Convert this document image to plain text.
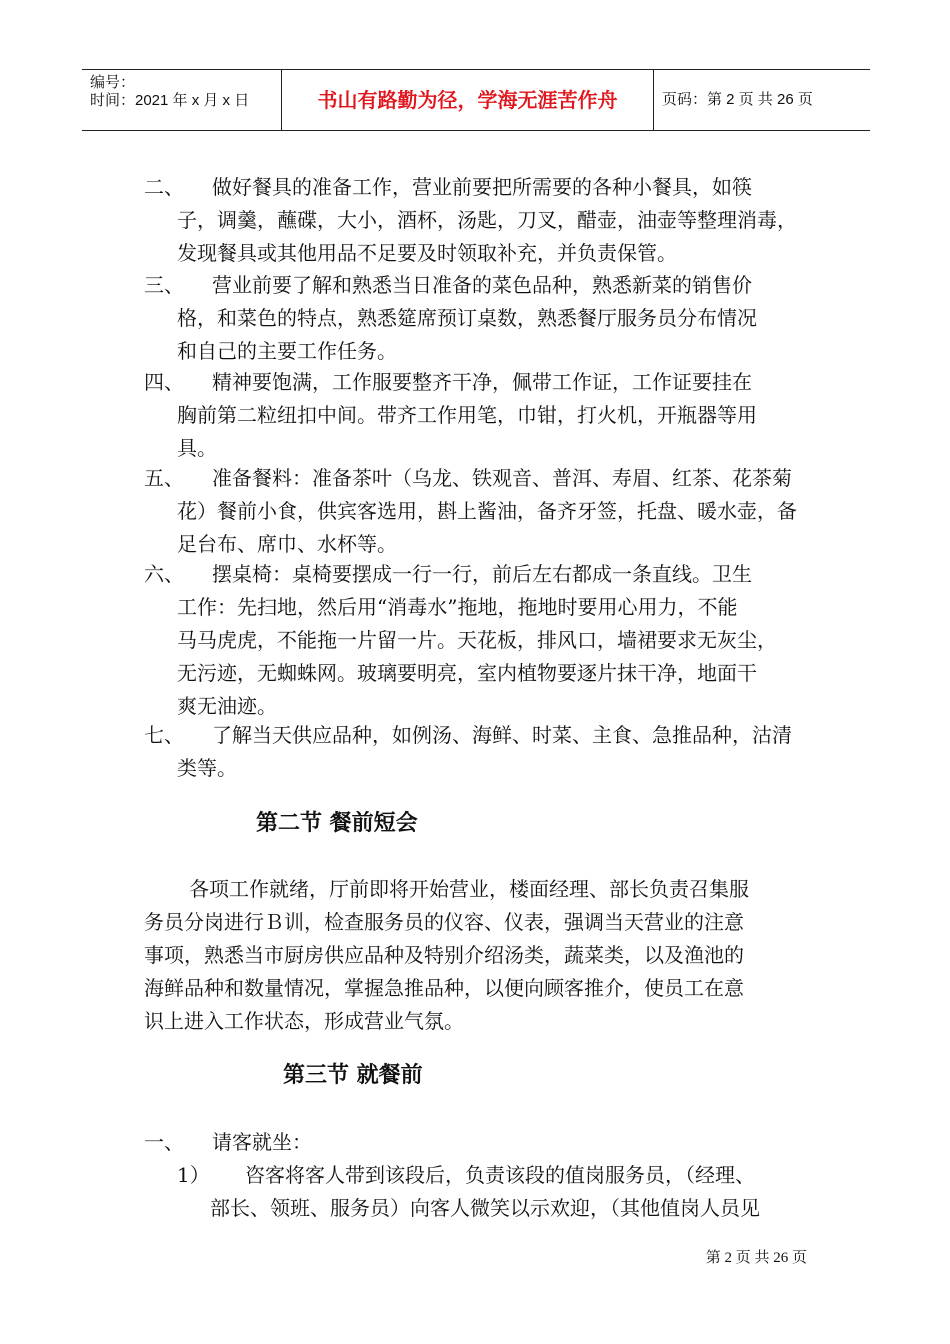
编号：
时间：2021 年 x 月 x 日	书山有路勤为径，学海无涯苦作舟	页码：第 2 页 共 26 页
二、 做好餐具的准备工作，营业前要把所需要的各种小餐具，如筷
子，调羹，蘸碟，大小，酒杯，汤匙，刀叉，醋壶，油壶等整理消毒，
发现餐具或其他用品不足要及时领取补充，并负责保管。
三、 营业前要了解和熟悉当日准备的菜色品种，熟悉新菜的销售价
格，和菜色的特点，熟悉筵席预订桌数，熟悉餐厅服务员分布情况
和自己的主要工作任务。
四、 精神要饱满，工作服要整齐干净，佩带工作证，工作证要挂在
胸前第二粒纽扣中间。带齐工作用笔，巾钳，打火机，开瓶器等用
具。
五、 准备餐料：准备茶叶（乌龙、铁观音、普洱、寿眉、红茶、花茶菊
花）餐前小食，供宾客选用，斟上酱油，备齐牙签，托盘、暖水壶，备
足台布、席巾、水杯等。
六、 摆桌椅：桌椅要摆成一行一行，前后左右都成一条直线。卫生
工作：先扫地，然后用“消毒水”拖地，拖地时要用心用力，不能
马马虎虎，不能拖一片留一片。天花板，排风口，墙裙要求无灰尘，
无污迹，无蜘蛛网。玻璃要明亮，室内植物要逐片抹干净，地面干
爽无油迹。
七、 了解当天供应品种，如例汤、海鲜、时菜、主食、急推品种，沽清
类等。
第二节 餐前短会
各项工作就绪，厅前即将开始营业，楼面经理、部长负责召集服
务员分岗进行Ｂ训，检查服务员的仪容、仪表，强调当天营业的注意
事项，熟悉当市厨房供应品种及特别介绍汤类，蔬菜类，以及渔池的
海鲜品种和数量情况，掌握急推品种，以便向顾客推介，使员工在意
识上进入工作状态，形成营业气氛。
第三节 就餐前
一、 请客就坐：
1） 咨客将客人带到该段后，负责该段的值岗服务员，（经理、
部长、领班、服务员）向客人微笑以示欢迎，（其他值岗人员见
第 2 页 共 26 页
